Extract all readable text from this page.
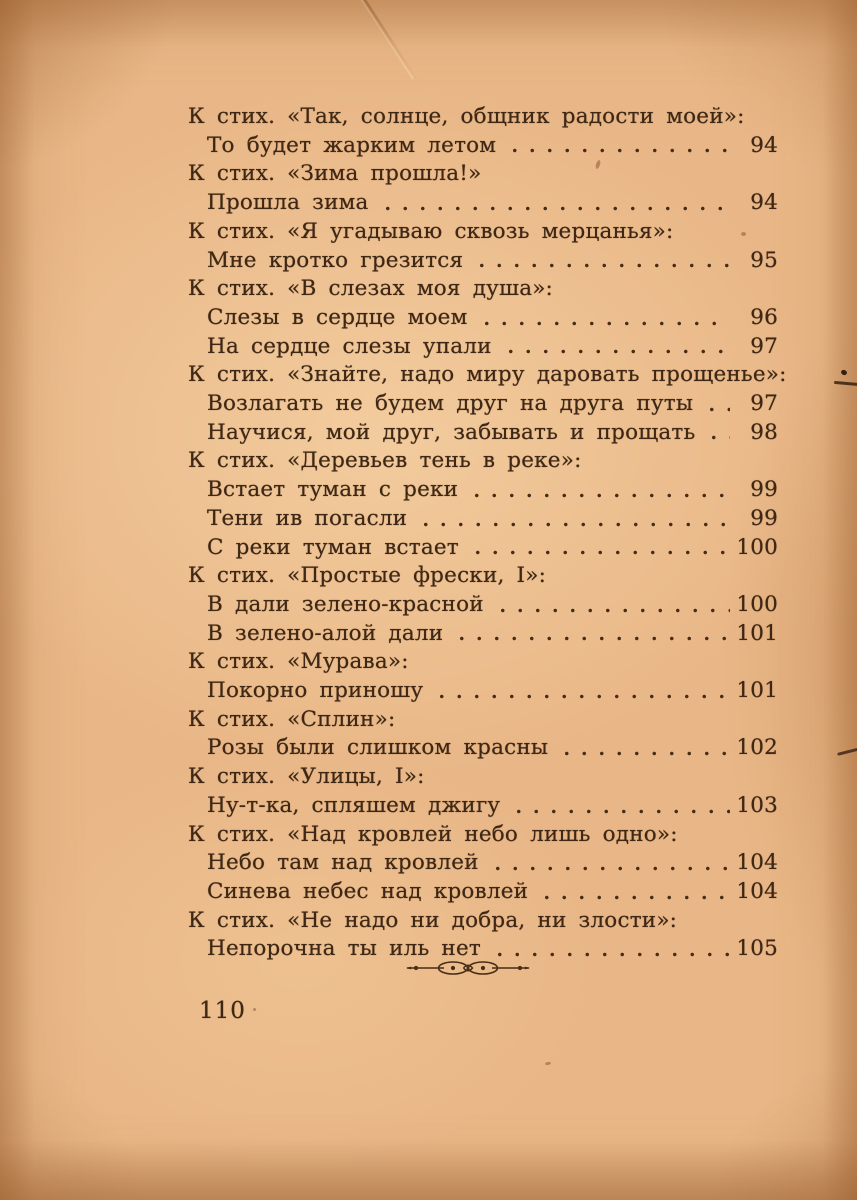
К стих. «Так, солнце, общник радости моей»:
То будет жарким летом	94
К стих. «Зима прошла!»
Прошла зима	94
К стих. «Я угадываю сквозь мерцанья»:
Мне кротко грезится	95
К стих. «В слезах моя душа»:
Слезы в сердце моем	96
На сердце слезы упали	97
К стих. «Знайте, надо миру даровать прощенье»:
Возлагать не будем друг на друга путы	97
Научися, мой друг, забывать и прощать	98
К стих. «Деревьев тень в реке»:
Встает туман с реки	99
Тени ив погасли	99
С реки туман встает	100
К стих. «Простые фрески, I»:
В дали зелено-красной	100
В зелено-алой дали	101
К стих. «Мурава»:
Покорно приношу	101
К стих. «Сплин»:
Розы были слишком красны	102
К стих. «Улицы, I»:
Ну-т-ка, спляшем джигу	103
К стих. «Над кровлей небо лишь одно»:
Небо там над кровлей	104
Синева небес над кровлей	104
К стих. «Не надо ни добра, ни злости»:
Непорочна ты иль нет	105
110
